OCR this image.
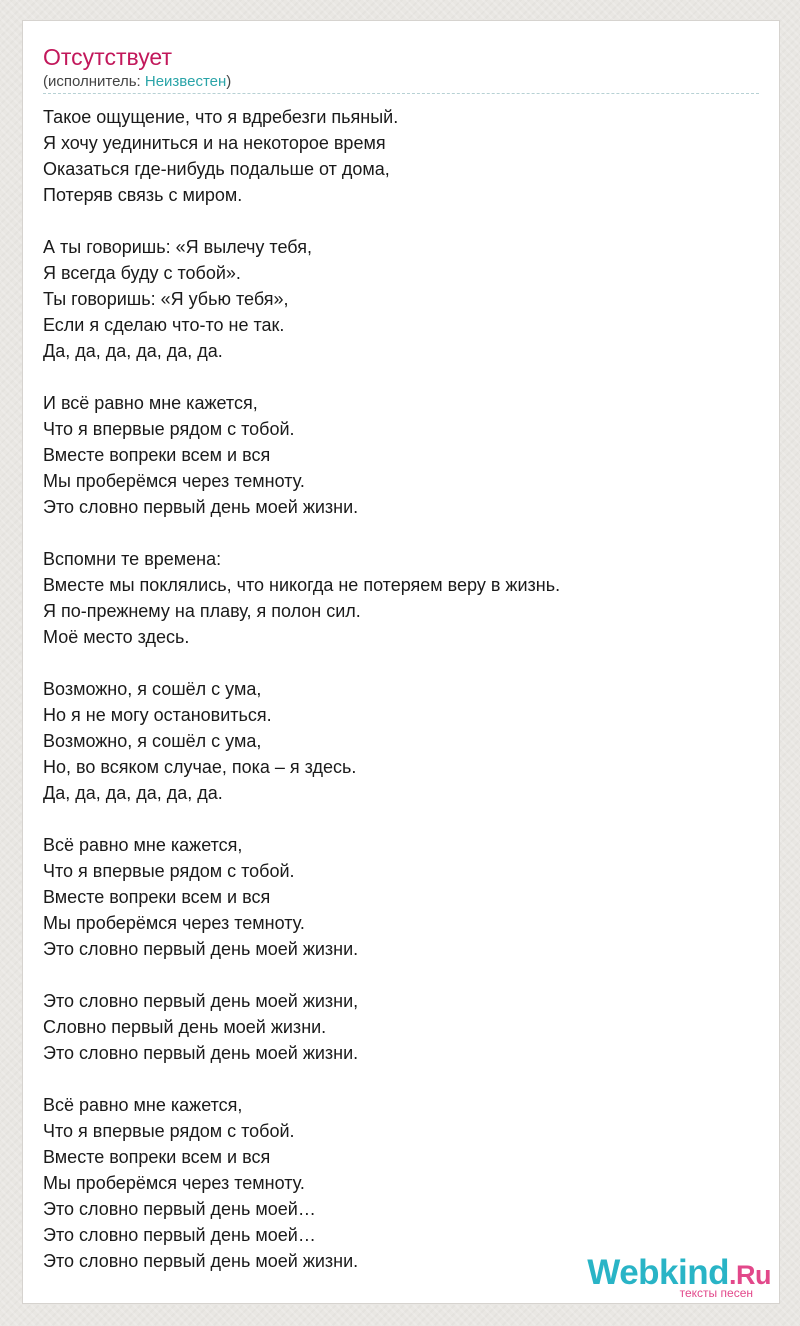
Отсутствует
(исполнитель: Неизвестен)
Такое ощущение, что я вдребезги пьяный.
Я хочу уединиться и на некоторое время
Оказаться где-нибудь подальше от дома,
Потеряв связь с миром.
А ты говоришь: «Я вылечу тебя,
Я всегда буду с тобой».
Ты говоришь: «Я убью тебя»,
Если я сделаю что-то не так.
Да, да, да, да, да, да.
И всё равно мне кажется,
Что я впервые рядом с тобой.
Вместе вопреки всем и вся
Мы проберёмся через темноту.
Это словно первый день моей жизни.
Вспомни те времена:
Вместе мы поклялись, что никогда не потеряем веру в жизнь.
Я по-прежнему на плаву, я полон сил.
Моё место здесь.
Возможно, я сошёл с ума,
Но я не могу остановиться.
Возможно, я сошёл с ума,
Но, во всяком случае, пока – я здесь.
Да, да, да, да, да, да.
Всё равно мне кажется,
Что я впервые рядом с тобой.
Вместе вопреки всем и вся
Мы проберёмся через темноту.
Это словно первый день моей жизни.
Это словно первый день моей жизни,
Словно первый день моей жизни.
Это словно первый день моей жизни.
Всё равно мне кажется,
Что я впервые рядом с тобой.
Вместе вопреки всем и вся
Мы проберёмся через темноту.
Это словно первый день моей…
Это словно первый день моей…
Это словно первый день моей жизни.	Webkind.Ru
тексты песен
